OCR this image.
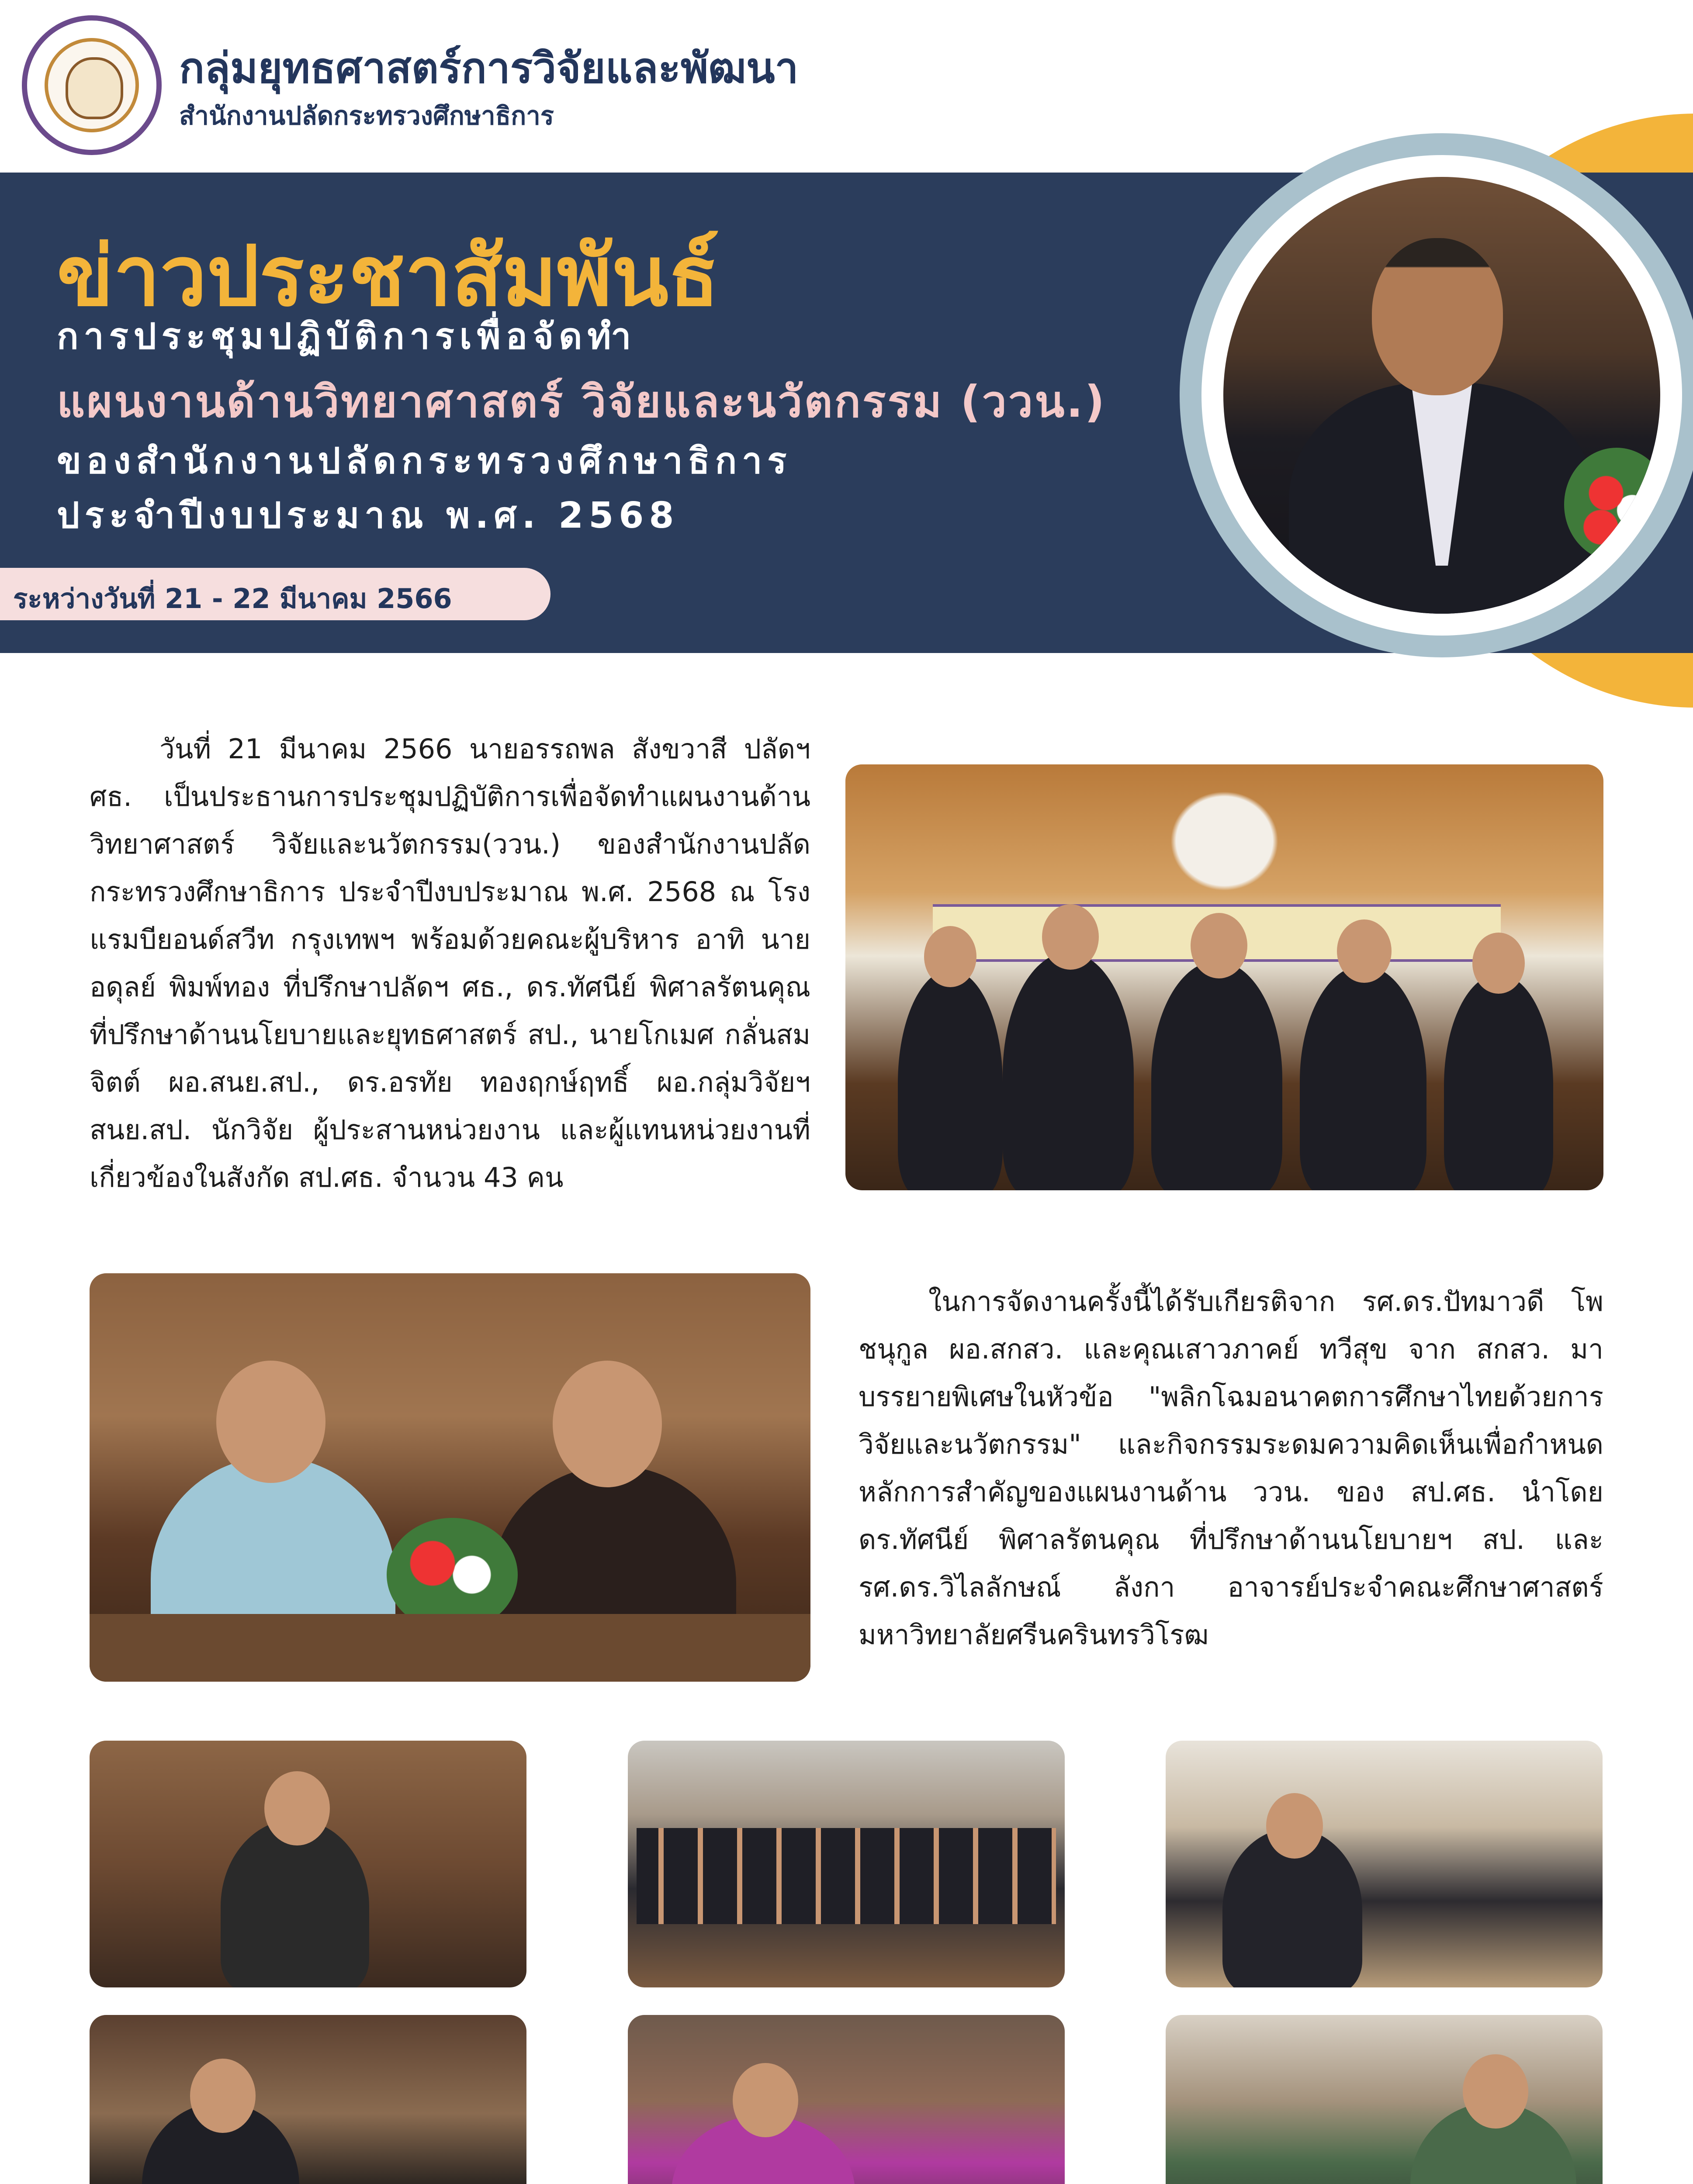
กลุ่มยุทธศาสตร์การวิจัยและพัฒนา
สำนักงานปลัดกระทรวงศึกษาธิการ
ข่าวประชาสัมพันธ์
การประชุมปฏิบัติการเพื่อจัดทำ
แผนงานด้านวิทยาศาสตร์ วิจัยและนวัตกรรม (ววน.)
ของสำนักงานปลัดกระทรวงศึกษาธิการ
ประจำปีงบประมาณ พ.ศ. 2568
ระหว่างวันที่ 21 - 22 มีนาคม 2566

วันที่ 21 มีนาคม 2566 นายอรรถพล สังขวาสี ปลัดฯ ศธ. เป็นประธานการประชุมปฏิบัติการเพื่อจัดทำแผนงานด้านวิทยาศาสตร์ วิจัยและนวัตกรรม(ววน.) ของสำนักงานปลัดกระทรวงศึกษาธิการ ประจำปีงบประมาณ พ.ศ. 2568 ณ โรงแรมบียอนด์สวีท กรุงเทพฯ พร้อมด้วยคณะผู้บริหาร อาทิ นายอดุลย์ พิมพ์ทอง ที่ปรึกษาปลัดฯ ศธ., ดร.ทัศนีย์ พิศาลรัตนคุณ ที่ปรึกษาด้านนโยบายและยุทธศาสตร์ สป., นายโกเมศ กลั่นสมจิตต์ ผอ.สนย.สป., ดร.อรทัย ทองฤกษ์ฤทธิ์ ผอ.กลุ่มวิจัยฯ สนย.สป. นักวิจัย ผู้ประสานหน่วยงาน และผู้แทนหน่วยงานที่เกี่ยวข้องในสังกัด สป.ศธ. จำนวน 43 คน

ในการจัดงานครั้งนี้ได้รับเกียรติจาก รศ.ดร.ปัทมาวดี โพชนุกูล ผอ.สกสว. และคุณเสาวภาคย์ ทวีสุข จาก สกสว. มาบรรยายพิเศษในหัวข้อ "พลิกโฉมอนาคตการศึกษาไทยด้วยการวิจัยและนวัตกรรม" และกิจกรรมระดมความคิดเห็นเพื่อกำหนดหลักการสำคัญของแผนงานด้าน ววน. ของ สป.ศธ. นำโดย ดร.ทัศนีย์ พิศาลรัตนคุณ ที่ปรึกษาด้านนโยบายฯ สป. และ รศ.ดร.วิไลลักษณ์ ลังกา อาจารย์ประจำคณะศึกษาศาสตร์ มหาวิทยาลัยศรีนครินทรวิโรฒ
